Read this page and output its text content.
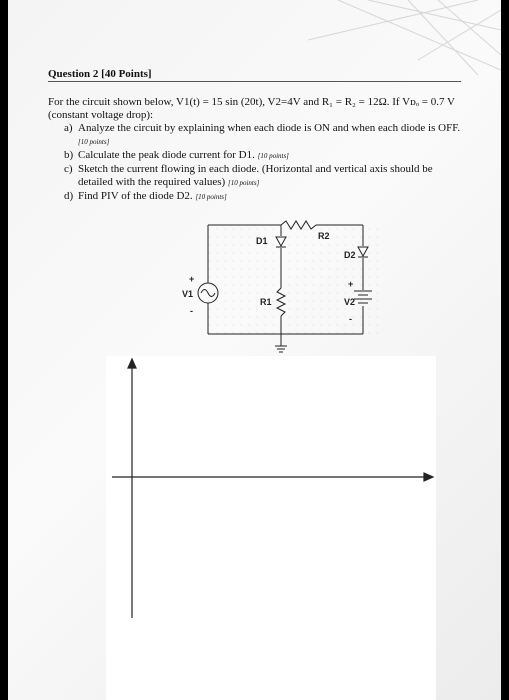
Question 2 [40 Points]
For the circuit shown below, V1(t) = 15 sin (20t), V2=4V and R₁ = R₂ = 12Ω. If Vᴅₒ = 0.7 V (constant voltage drop):
a) Analyze the circuit by explaining when each diode is ON and when each diode is OFF. [10 points]
b) Calculate the peak diode current for D1. [10 points]
c) Sketch the current flowing in each diode. (Horizontal and vertical axis should be detailed with the required values) [10 points]
d) Find PIV of the diode D2. [10 points]
D1	R2
D2
V1
R1	V2
+
-
+
-
